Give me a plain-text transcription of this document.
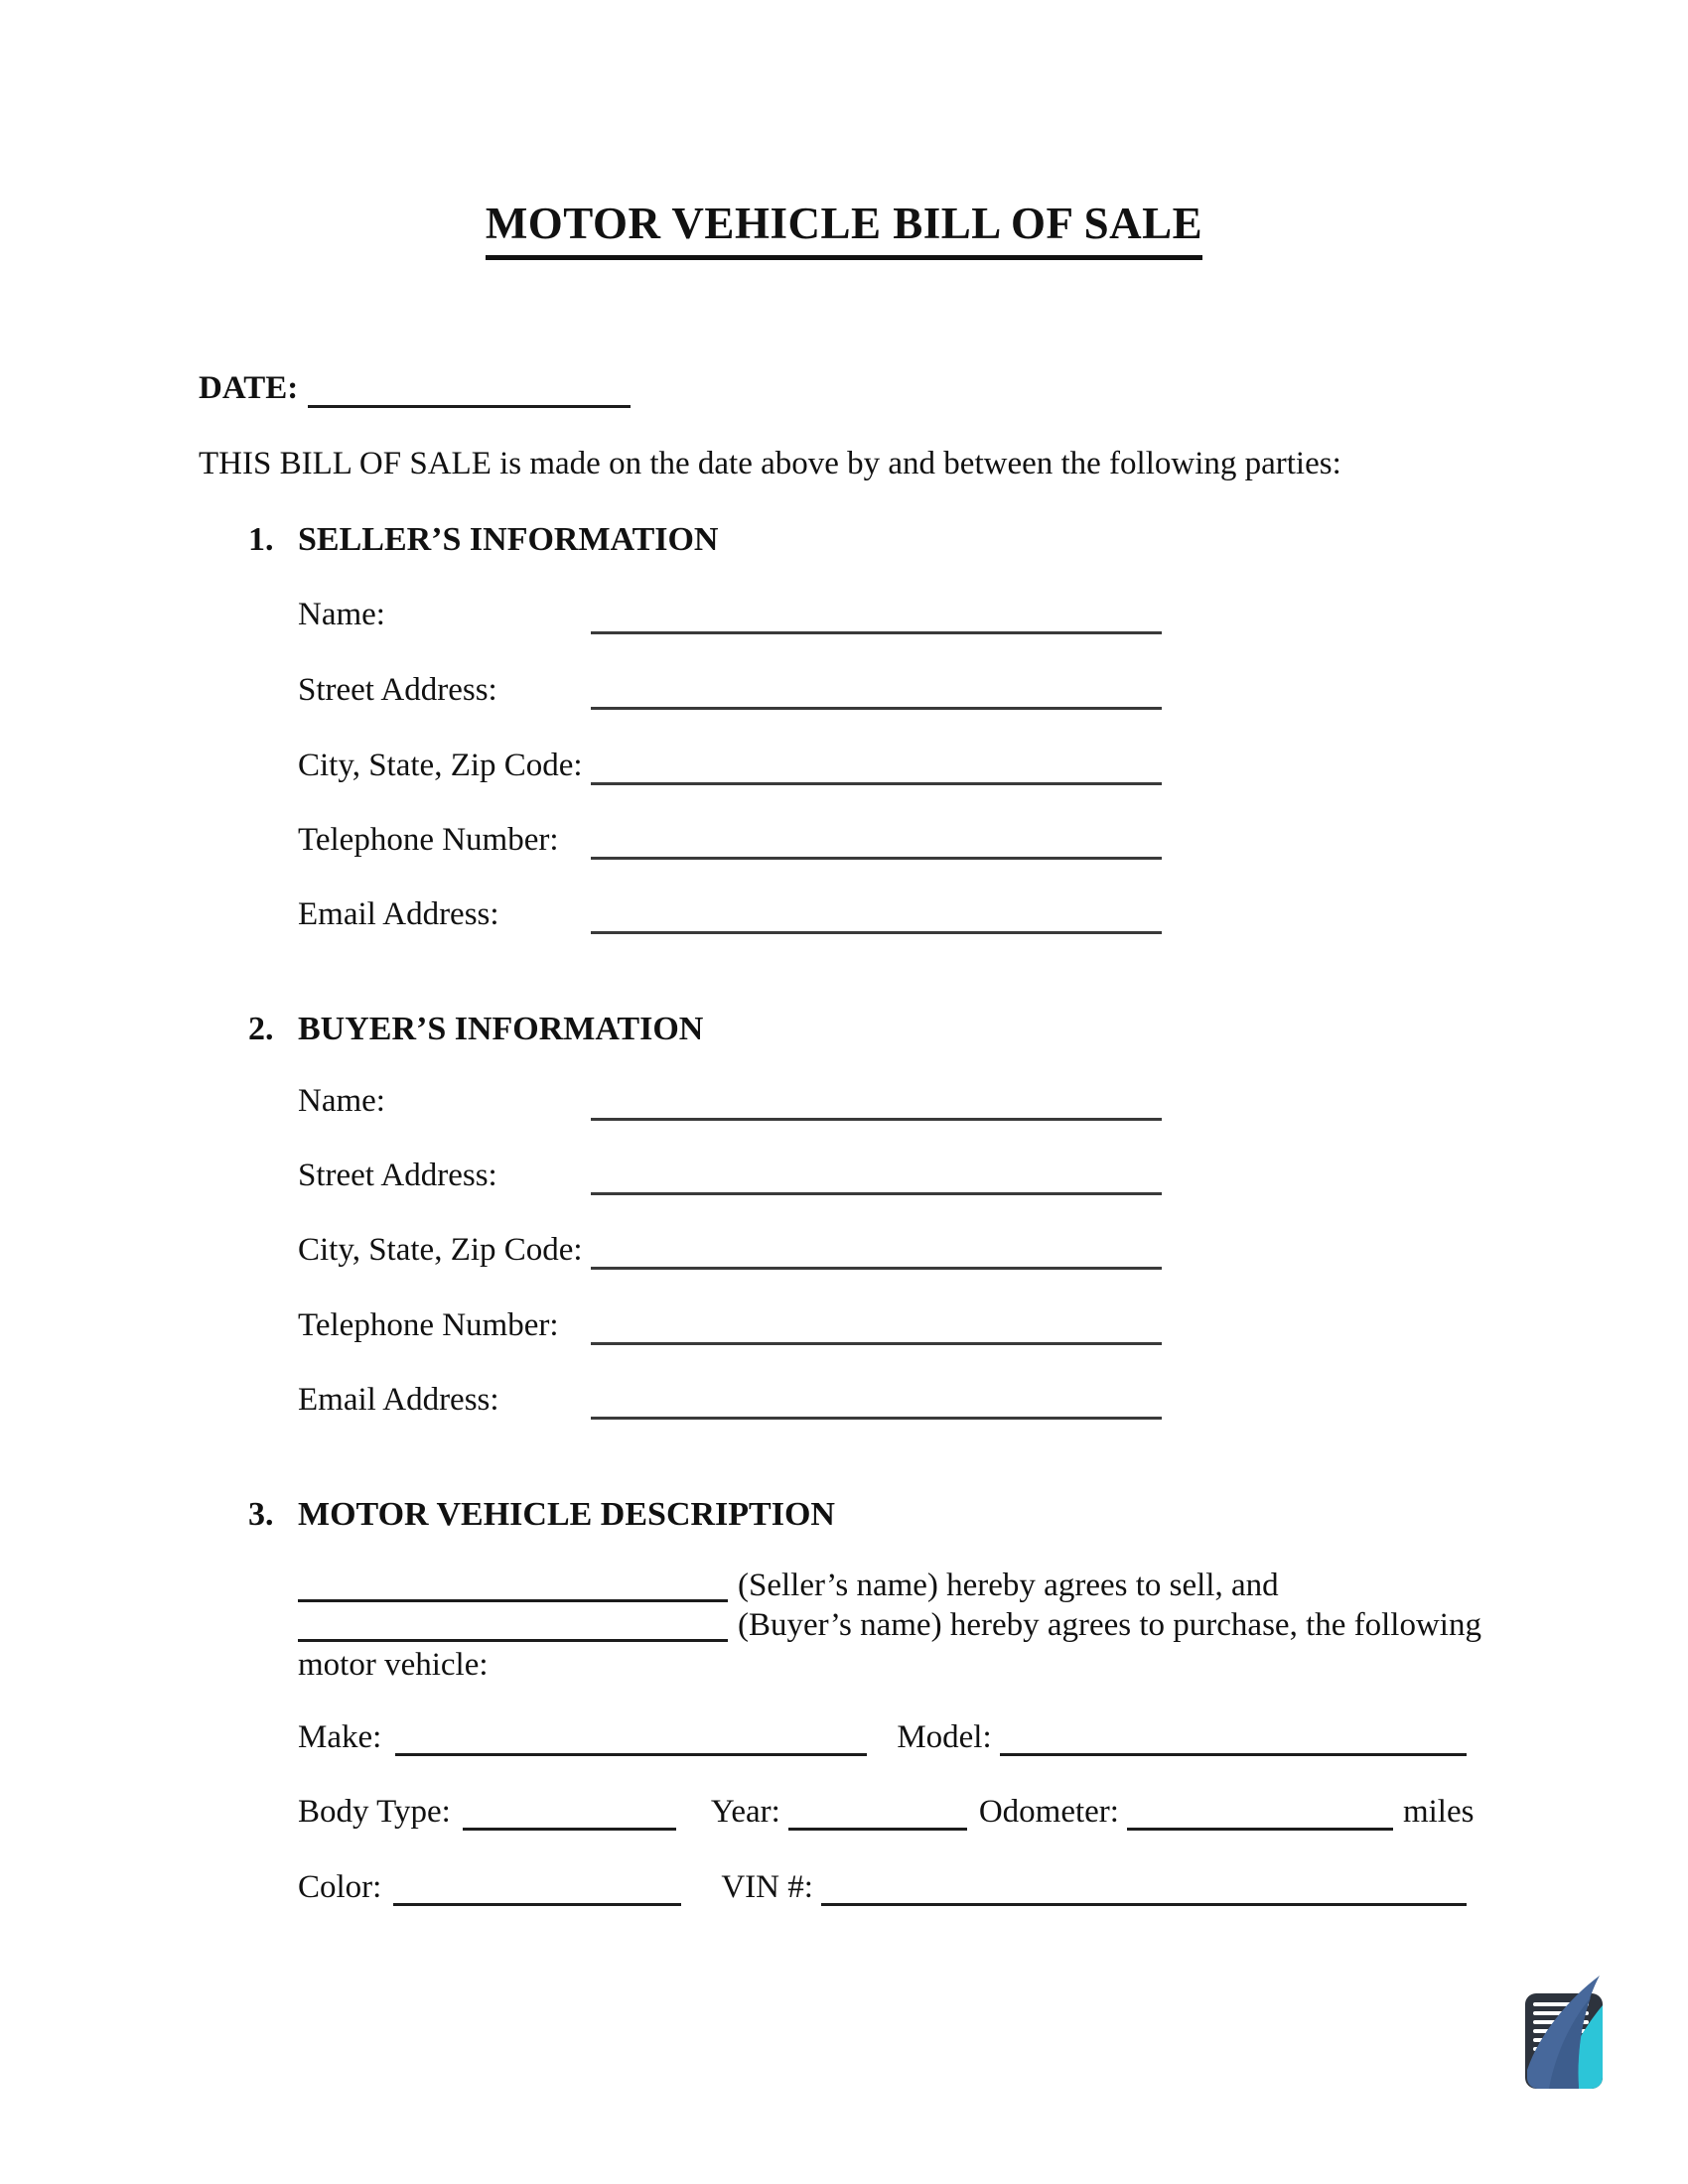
MOTOR VEHICLE BILL OF SALE
DATE:
THIS BILL OF SALE is made on the date above by and between the following parties:
1. SELLER’S INFORMATION
Name:
Street Address:
City, State, Zip Code:
Telephone Number:
Email Address:
2. BUYER’S INFORMATION
Name:
Street Address:
City, State, Zip Code:
Telephone Number:
Email Address:
3. MOTOR VEHICLE DESCRIPTION
(Seller’s name) hereby agrees to sell, and
(Buyer’s name) hereby agrees to purchase, the following
motor vehicle:
Make:	Model:
Body Type:	Year:	Odometer:	miles
Color:	VIN #:
